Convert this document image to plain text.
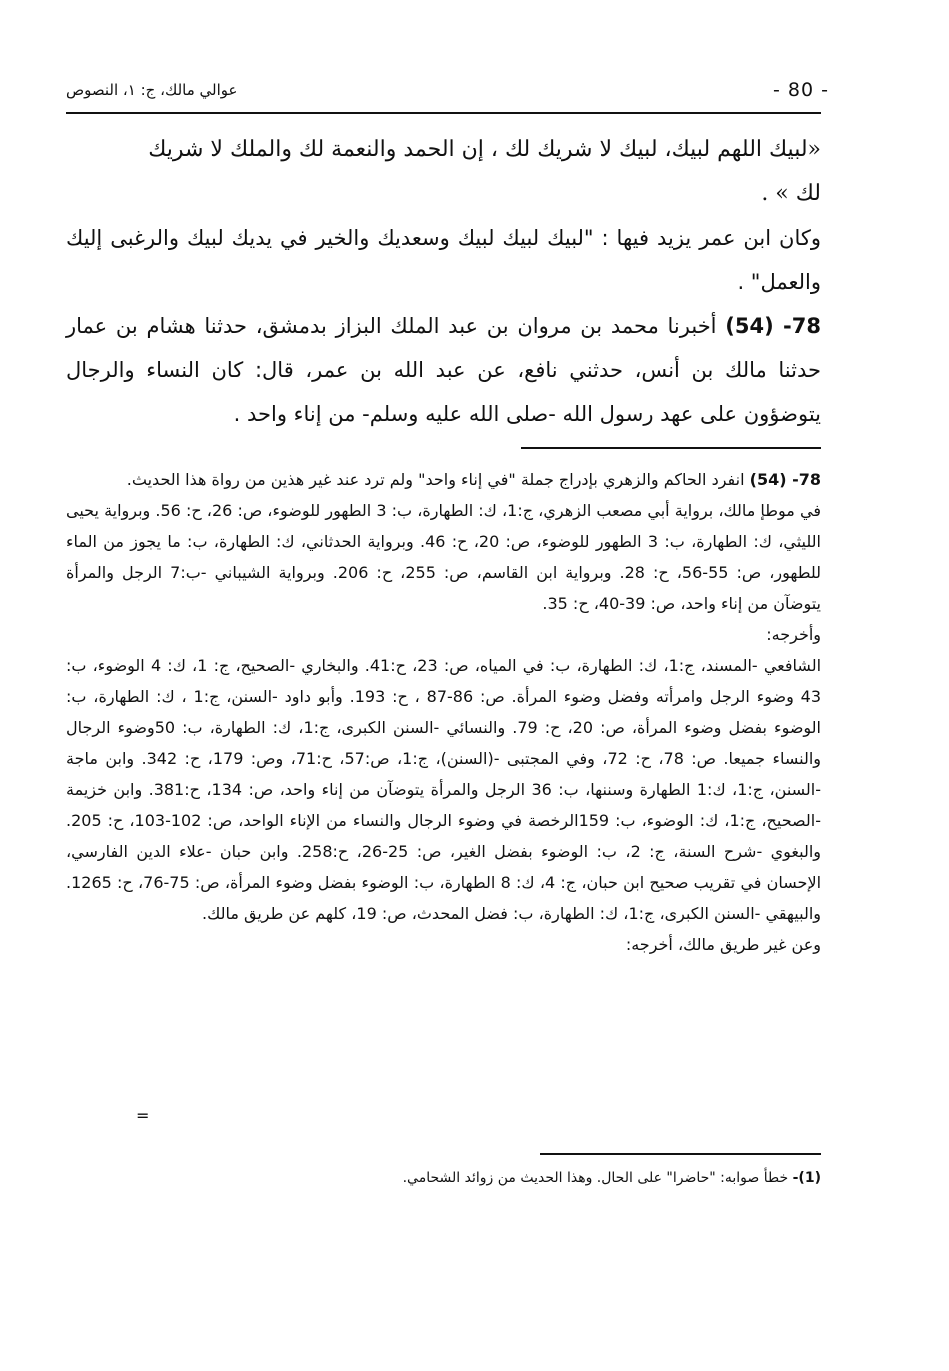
عوالي مالك، ج: ١، النصوص	- 80 -

«لبيك اللهم لبيك، لبيك لا شريك لك ، إن الحمد والنعمة لك والملك لا شريك

لك » .

وكان ابن عمر يزيد فيها : "لبيك لبيك لبيك وسعديك والخير في يديك لبيك والرغبى إليك والعمل" .

78- (54) أخبرنا محمد بن مروان بن عبد الملك البزاز بدمشق، حدثنا هشام بن عمار حدثنا مالك بن أنس، حدثني نافع، عن عبد الله بن عمر، قال: كان النساء والرجال يتوضؤون على عهد رسول الله -صلى الله عليه وسلم- من إناء واحد .

78- (54) انفرد الحاكم والزهري بإدراج جملة "في إناء واحد" ولم ترد عند غير هذين من رواة هذا الحديث.

في موطإ مالك، برواية أبي مصعب الزهري، ج:1، ك: الطهارة، ب: 3 الطهور للوضوء، ص: 26، ح: 56. وبرواية يحيى الليثي، ك: الطهارة، ب: 3 الطهور للوضوء، ص: 20، ح: 46. وبرواية الحدثاني، ك: الطهارة، ب: ما يجوز من الماء للطهور، ص: 55-56، ح: 28. وبرواية ابن القاسم، ص: 255، ح: 206. وبرواية الشيباني -ب:7 الرجل والمرأة يتوضآن من إناء واحد، ص: 39-40، ح: 35.

وأخرجه:

الشافعي -المسند، ج:1، ك: الطهارة، ب: في المياه، ص: 23، ح:41. والبخاري -الصحيح، ج: 1، ك: 4 الوضوء، ب: 43 وضوء الرجل وامرأته وفضل وضوء المرأة. ص: 86-87 ، ح: 193. وأبو داود -السنن، ج:1 ، ك: الطهارة، ب: الوضوء بفضل وضوء المرأة، ص: 20، ح: 79. والنسائي -السنن الكبرى، ج:1، ك: الطهارة، ب: 50وضوء الرجال والنساء جميعا. ص: 78، ح: 72، وفي المجتبى -(السنن)، ج:1، ص:57، ح:71، وص: 179، ح: 342. وابن ماجة -السنن، ج:1، ك:1 الطهارة وسننها، ب: 36 الرجل والمرأة يتوضآن من إناء واحد، ص: 134، ح:381. وابن خزيمة -الصحيح، ج:1، ك: الوضوء، ب: 159الرخصة في وضوء الرجال والنساء من الإناء الواحد، ص: 102-103، ح: 205. والبغوي -شرح السنة، ج: 2، ب: الوضوء بفضل الغير، ص: 25-26، ح:258. وابن حبان -علاء الدين الفارسي، الإحسان في تقريب صحيح ابن حبان، ج: 4، ك: 8 الطهارة، ب: الوضوء بفضل وضوء المرأة، ص: 75-76، ح: 1265. والبيهقي -السنن الكبرى، ج:1، ك: الطهارة، ب: فضل المحدث، ص: 19، كلهم عن طريق مالك.

وعن غير طريق مالك، أخرجه:

=

(1)- خطأ صوابه: "حاضرا" على الحال. وهذا الحديث من زوائد الشحامي.
